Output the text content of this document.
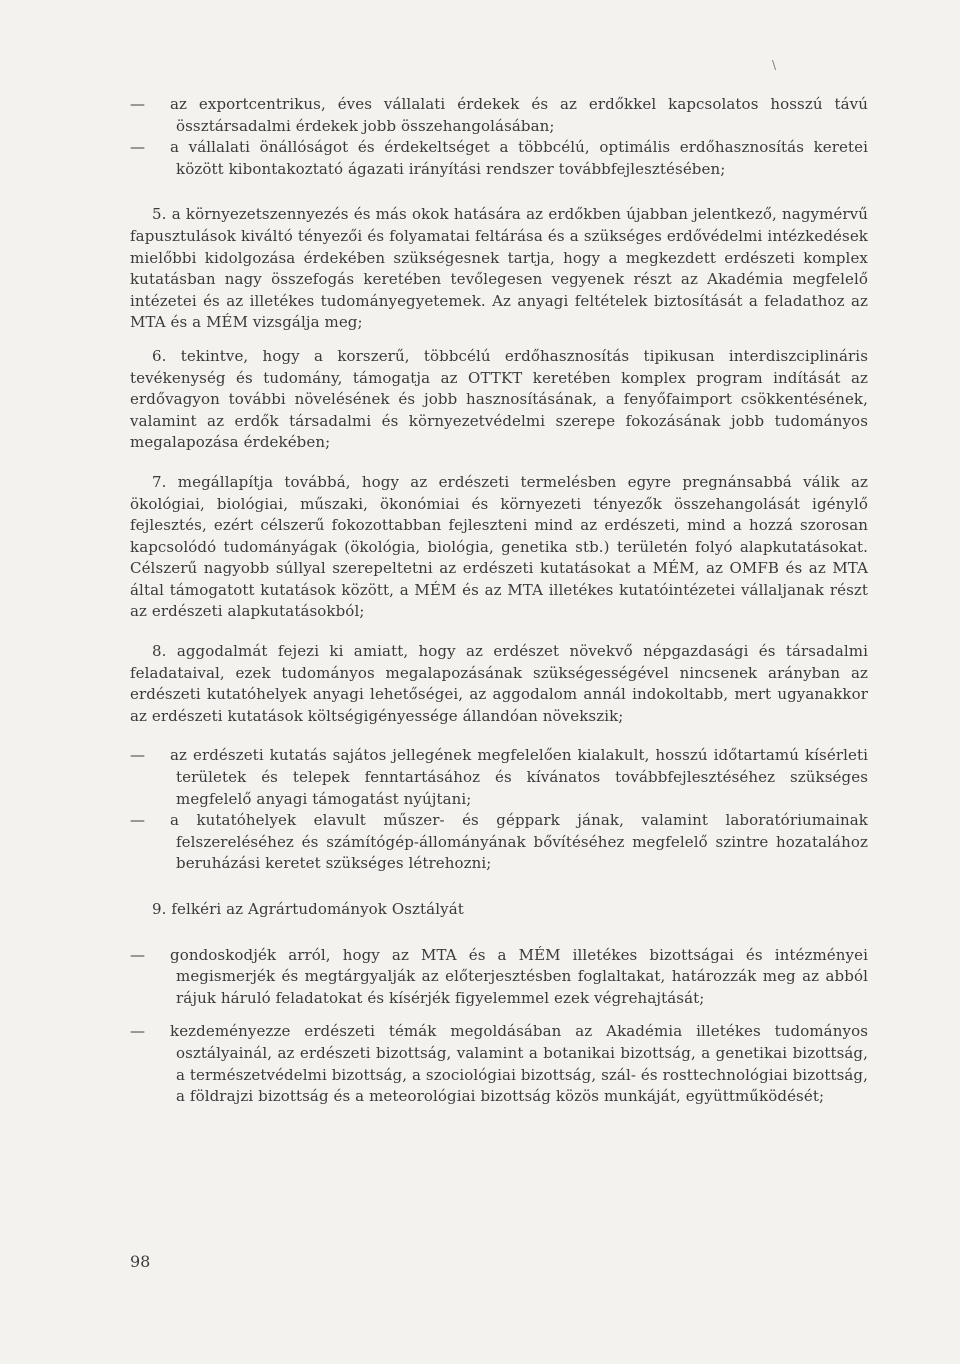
\

— az exportcentrikus, éves vállalati érdekek és az erdőkkel kapcsolatos hosszú távú össztársadalmi érdekek jobb összehangolásában;

— a vállalati önállóságot és érdekeltséget a többcélú, optimális erdőhasznosítás keretei között kibontakoztató ágazati irányítási rendszer továbbfejlesztésében;

5. a környezetszennyezés és más okok hatására az erdőkben újabban jelentkező, nagymérvű fapusztulások kiváltó tényezői és folyamatai feltárása és a szükséges erdővédelmi intézkedések mielőbbi kidolgozása érdekében szükségesnek tartja, hogy a megkezdett erdészeti komplex kutatásban nagy összefogás keretében tevőlegesen vegyenek részt az Akadémia megfelelő intézetei és az illetékes tudományegyetemek. Az anyagi feltételek biztosítását a feladathoz az MTA és a MÉM vizsgálja meg;

6. tekintve, hogy a korszerű, többcélú erdőhasznosítás tipikusan interdiszciplináris tevékenység és tudomány, támogatja az OTTKT keretében komplex program indítását az erdővagyon további növelésének és jobb hasznosításának, a fenyőfaimport csökkentésének, valamint az erdők társadalmi és környezetvédelmi szerepe fokozásának jobb tudományos megalapozása érdekében;

7. megállapítja továbbá, hogy az erdészeti termelésben egyre pregnánsabbá válik az ökológiai, biológiai, műszaki, ökonómiai és környezeti tényezők összehangolását igénylő fejlesztés, ezért célszerű fokozottabban fejleszteni mind az erdészeti, mind a hozzá szorosan kapcsolódó tudományágak (ökológia, biológia, genetika stb.) területén folyó alapkutatásokat. Célszerű nagyobb súllyal szerepeltetni az erdészeti kutatásokat a MÉM, az OMFB és az MTA által támogatott kutatások között, a MÉM és az MTA illetékes kutatóintézetei vállaljanak részt az erdészeti alapkutatásokból;

8. aggodalmát fejezi ki amiatt, hogy az erdészet növekvő népgazdasági és társadalmi feladataival, ezek tudományos megalapozásának szükségességével nincsenek arányban az erdészeti kutatóhelyek anyagi lehetőségei, az aggodalom annál indokoltabb, mert ugyanakkor az erdészeti kutatások költségigényessége állandóan növekszik;

— az erdészeti kutatás sajátos jellegének megfelelően kialakult, hosszú időtartamú kísérleti területek és telepek fenntartásához és kívánatos továbbfejlesztéséhez szükséges megfelelő anyagi támogatást nyújtani;

— a kutatóhelyek elavult műszer- és géppark jának, valamint laboratóriumainak felszereléséhez és számítógép-állományának bővítéséhez megfelelő szintre hozatalához beruházási keretet szükséges létrehozni;

9. felkéri az Agrártudományok Osztályát

— gondoskodjék arról, hogy az MTA és a MÉM illetékes bizottságai és intézményei megismerjék és megtárgyalják az előterjesztésben foglaltakat, határozzák meg az abból rájuk háruló feladatokat és kísérjék figyelemmel ezek végrehajtását;

— kezdeményezze erdészeti témák megoldásában az Akadémia illetékes tudományos osztályainál, az erdészeti bizottság, valamint a botanikai bizottság, a genetikai bizottság, a természetvédelmi bizottság, a szociológiai bizottság, szál- és rosttechnológiai bizottság, a földrajzi bizottság és a meteorológiai bizottság közös munkáját, együttműködését;

98
